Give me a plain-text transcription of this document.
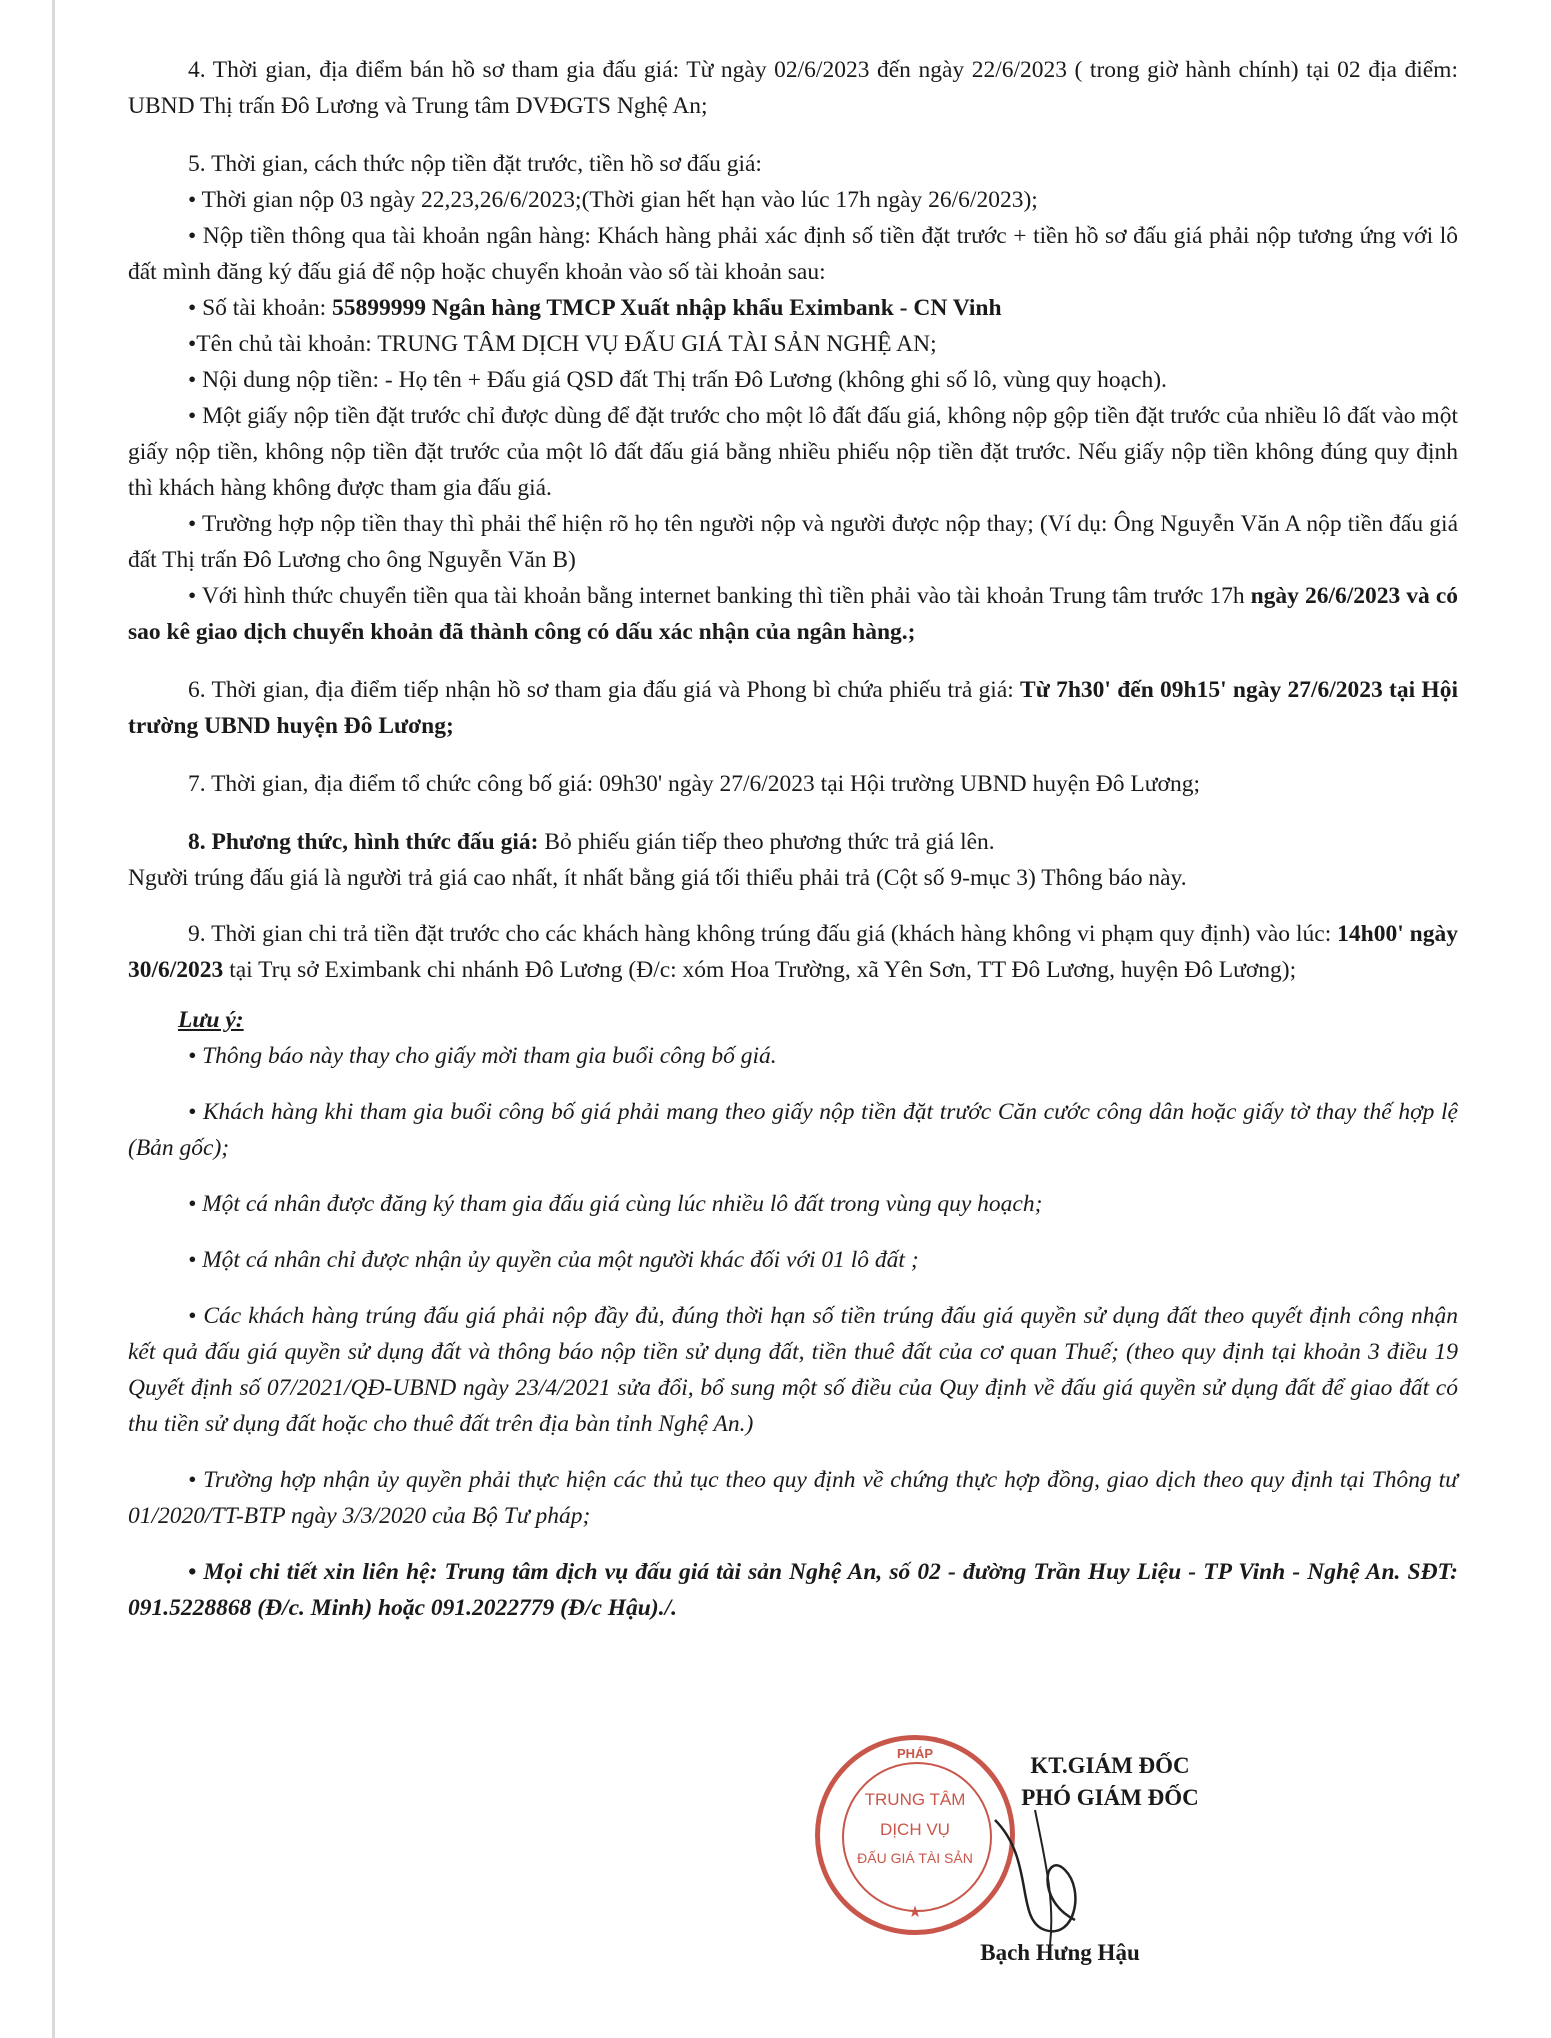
4. Thời gian, địa điểm bán hồ sơ tham gia đấu giá: Từ ngày 02/6/2023 đến ngày 22/6/2023 ( trong giờ hành chính) tại 02 địa điểm: UBND Thị trấn Đô Lương và Trung tâm DVĐGTS Nghệ An;

5. Thời gian, cách thức nộp tiền đặt trước, tiền hồ sơ đấu giá:

• Thời gian nộp 03 ngày 22,23,26/6/2023;(Thời gian hết hạn vào lúc 17h ngày 26/6/2023);

• Nộp tiền thông qua tài khoản ngân hàng: Khách hàng phải xác định số tiền đặt trước + tiền hồ sơ đấu giá phải nộp tương ứng với lô đất mình đăng ký đấu giá để nộp hoặc chuyển khoản vào số tài khoản sau:

• Số tài khoản: 55899999 Ngân hàng TMCP Xuất nhập khẩu Eximbank - CN Vinh

•Tên chủ tài khoản: TRUNG TÂM DỊCH VỤ ĐẤU GIÁ TÀI SẢN NGHỆ AN;

• Nội dung nộp tiền: - Họ tên + Đấu giá QSD đất Thị trấn Đô Lương (không ghi số lô, vùng quy hoạch).

• Một giấy nộp tiền đặt trước chỉ được dùng để đặt trước cho một lô đất đấu giá, không nộp gộp tiền đặt trước của nhiều lô đất vào một giấy nộp tiền, không nộp tiền đặt trước của một lô đất đấu giá bằng nhiều phiếu nộp tiền đặt trước. Nếu giấy nộp tiền không đúng quy định thì khách hàng không được tham gia đấu giá.

• Trường hợp nộp tiền thay thì phải thể hiện rõ họ tên người nộp và người được nộp thay; (Ví dụ: Ông Nguyễn Văn A nộp tiền đấu giá đất Thị trấn Đô Lương cho ông Nguyễn Văn B)

• Với hình thức chuyển tiền qua tài khoản bằng internet banking thì tiền phải vào tài khoản Trung tâm trước 17h ngày 26/6/2023 và có sao kê giao dịch chuyển khoản đã thành công có dấu xác nhận của ngân hàng.;

6. Thời gian, địa điểm tiếp nhận hồ sơ tham gia đấu giá và Phong bì chứa phiếu trả giá: Từ 7h30' đến 09h15' ngày 27/6/2023 tại Hội trường UBND huyện Đô Lương;

7. Thời gian, địa điểm tổ chức công bố giá: 09h30' ngày 27/6/2023 tại Hội trường UBND huyện Đô Lương;

8. Phương thức, hình thức đấu giá: Bỏ phiếu gián tiếp theo phương thức trả giá lên.

Người trúng đấu giá là người trả giá cao nhất, ít nhất bằng giá tối thiểu phải trả (Cột số 9-mục 3) Thông báo này.

9. Thời gian chi trả tiền đặt trước cho các khách hàng không trúng đấu giá (khách hàng không vi phạm quy định) vào lúc: 14h00' ngày 30/6/2023 tại Trụ sở Eximbank chi nhánh Đô Lương (Đ/c: xóm Hoa Trường, xã Yên Sơn, TT Đô Lương, huyện Đô Lương);

Lưu ý:

• Thông báo này thay cho giấy mời tham gia buổi công bố giá.

• Khách hàng khi tham gia buổi công bố giá phải mang theo giấy nộp tiền đặt trước Căn cước công dân hoặc giấy tờ thay thế hợp lệ (Bản gốc);

• Một cá nhân được đăng ký tham gia đấu giá cùng lúc nhiều lô đất trong vùng quy hoạch;

• Một cá nhân chỉ được nhận ủy quyền của một người khác đối với 01 lô đất ;

• Các khách hàng trúng đấu giá phải nộp đầy đủ, đúng thời hạn số tiền trúng đấu giá quyền sử dụng đất theo quyết định công nhận kết quả đấu giá quyền sử dụng đất và thông báo nộp tiền sử dụng đất, tiền thuê đất của cơ quan Thuế; (theo quy định tại khoản 3 điều 19 Quyết định số 07/2021/QĐ-UBND ngày 23/4/2021 sửa đổi, bổ sung một số điều của Quy định về đấu giá quyền sử dụng đất để giao đất có thu tiền sử dụng đất hoặc cho thuê đất trên địa bàn tỉnh Nghệ An.)

• Trường hợp nhận ủy quyền phải thực hiện các thủ tục theo quy định về chứng thực hợp đồng, giao dịch theo quy định tại Thông tư 01/2020/TT-BTP ngày 3/3/2020 của Bộ Tư pháp;

• Mọi chi tiết xin liên hệ: Trung tâm dịch vụ đấu giá tài sản Nghệ An, số 02 - đường Trần Huy Liệu - TP Vinh - Nghệ An. SĐT: 091.5228868 (Đ/c. Minh) hoặc 091.2022779 (Đ/c Hậu)./.

PHÁP
TRUNG TÂM
DỊCH VỤ
ĐẤU GIÁ TÀI SẢN
★
KT.GIÁM ĐỐC
PHÓ GIÁM ĐỐC
Bạch Hưng Hậu
